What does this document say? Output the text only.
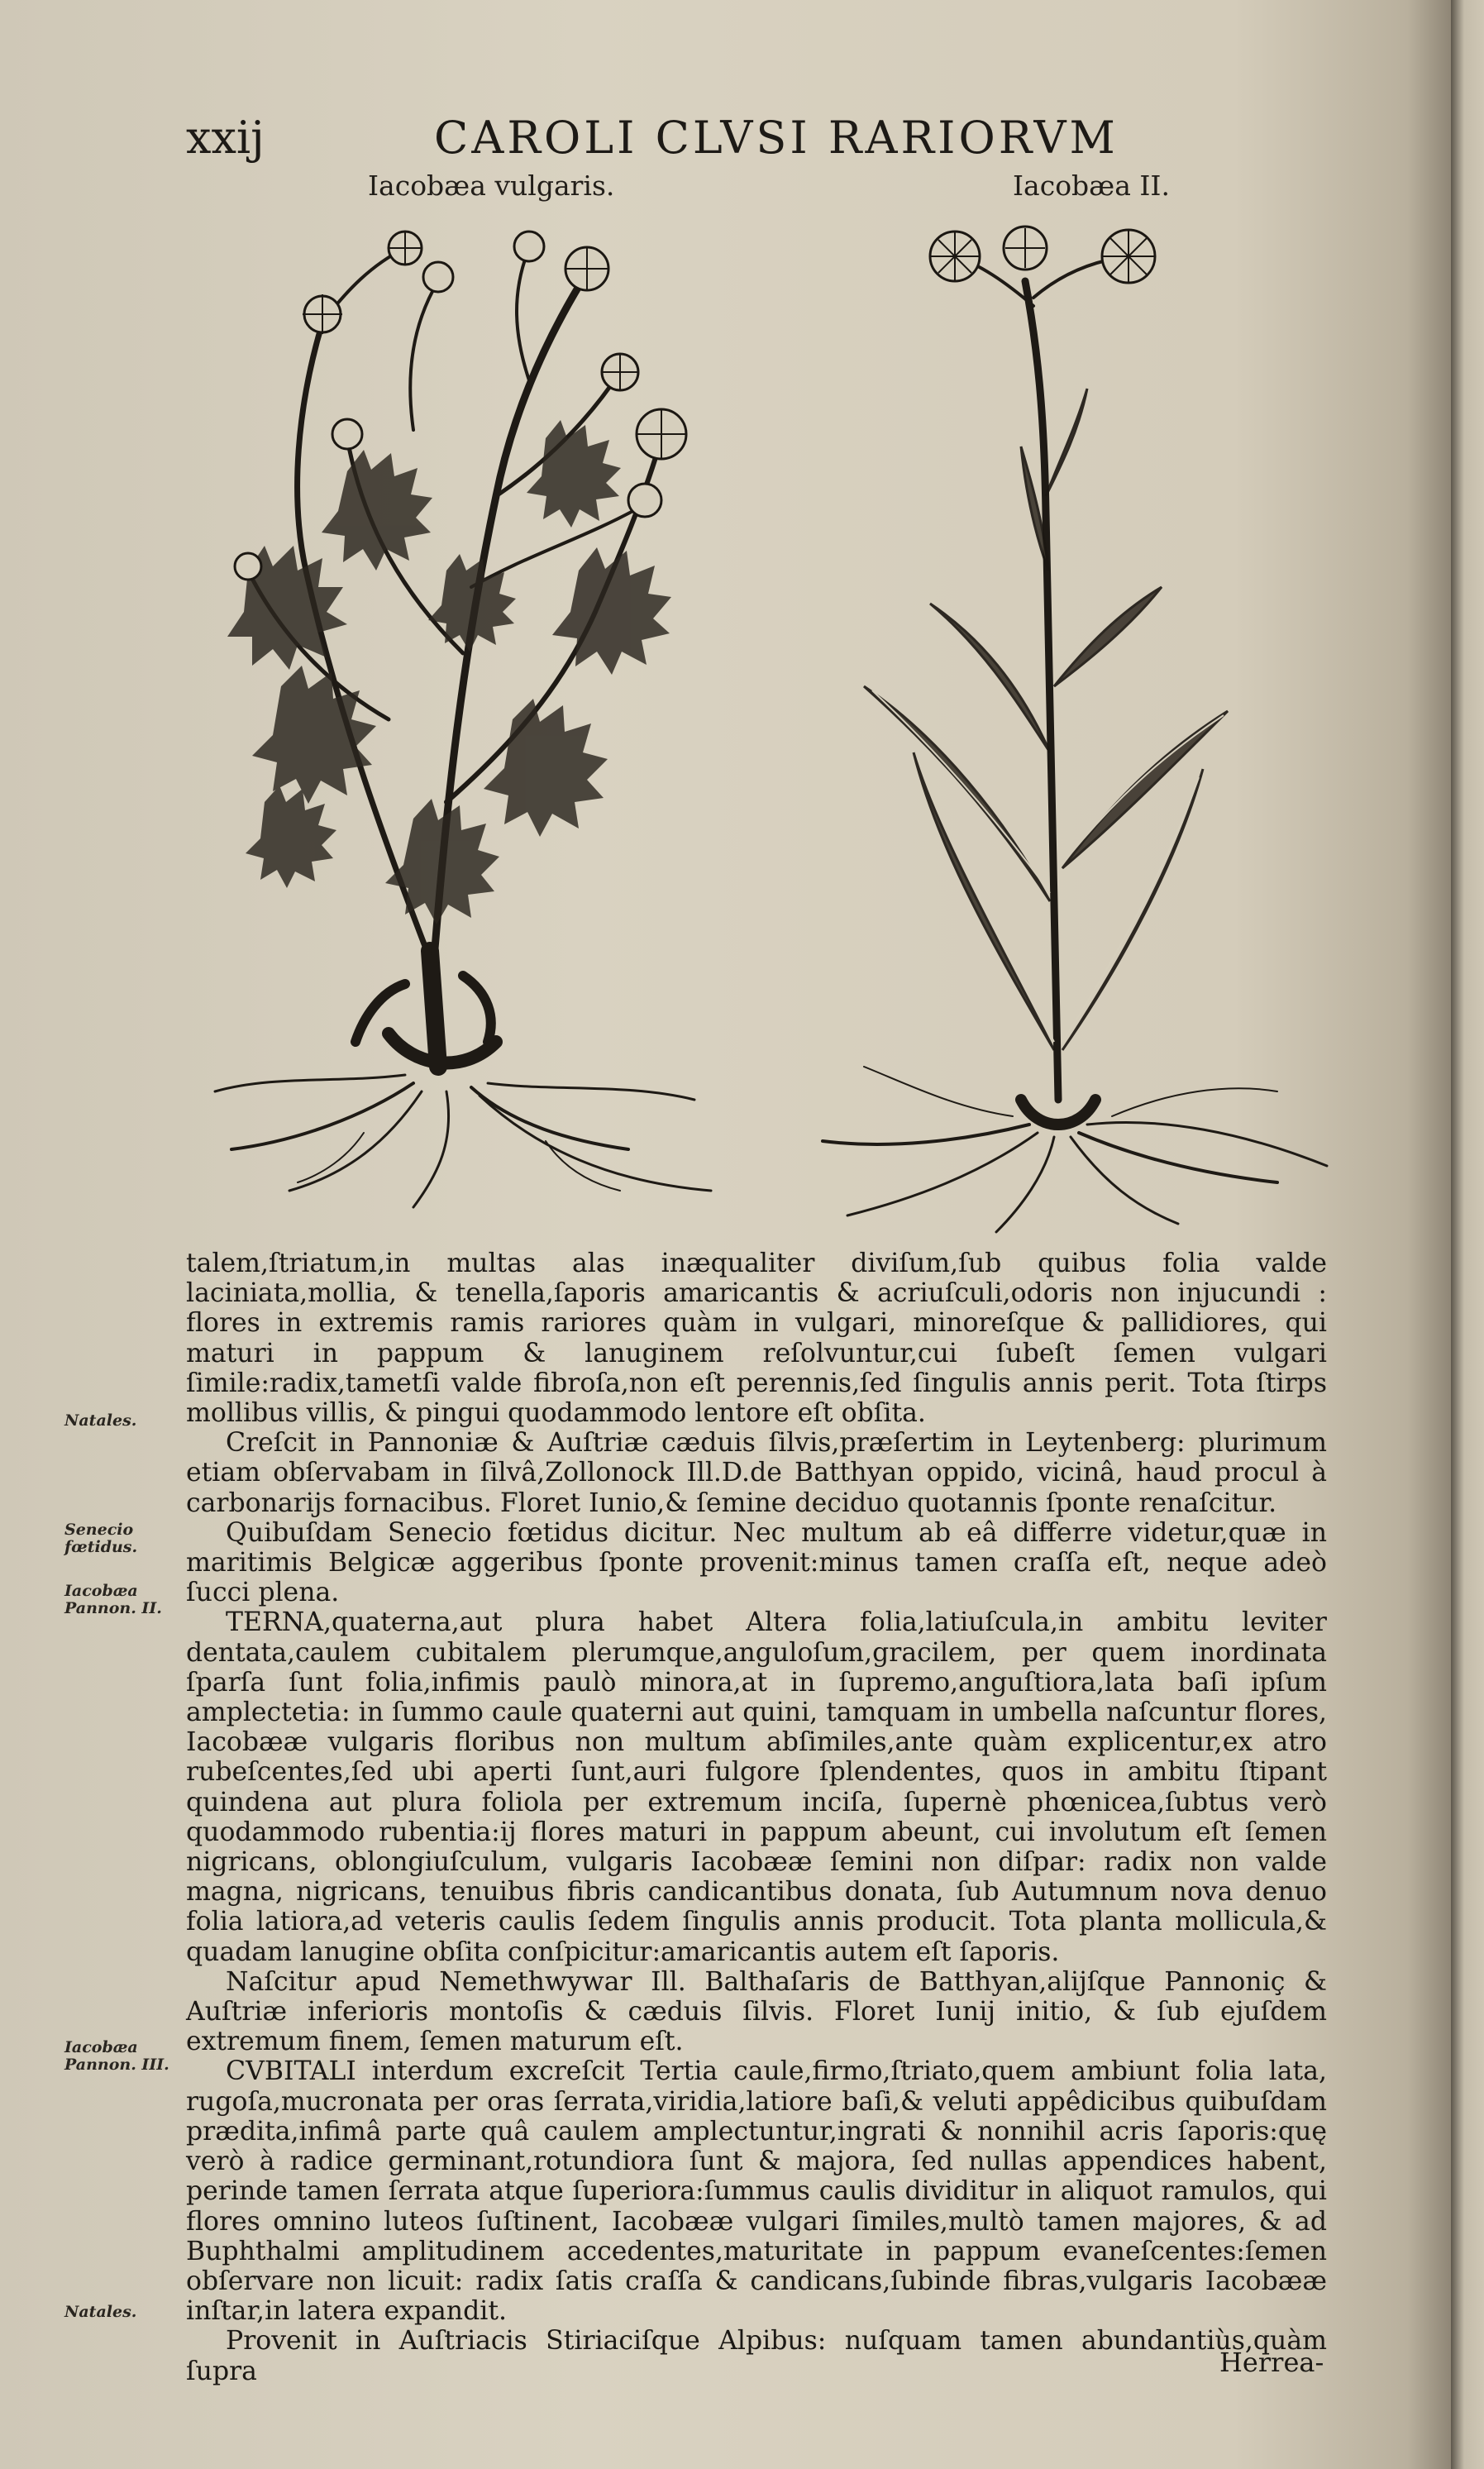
xxij	CAROLI CLVSI RARIORVM
Iacobæa vulgaris.	Iacobæa II.
Natales.
Senecio fœtidus.
Iacobæa Pannon. II.
Iacobæa Pannon. III.
Natales.

talem,ſtriatum,in multas alas inæqualiter diviſum,ſub quibus folia valde laciniata,mollia, & tenella,ſaporis amaricantis & acriuſculi,odoris non injucundi : flores in extremis ramis rariores quàm in vulgari, minoreſque & pallidiores, qui maturi in pappum & lanuginem reſolvuntur,cui ſubeſt ſemen vulgari ſimile:radix,tametſi valde fibroſa,non eſt perennis,ſed ſingulis annis perit. Tota ſtirps mollibus villis, & pingui quodammodo lentore eſt obſita.

Creſcit in Pannoniæ & Auſtriæ cæduis ſilvis,præſertim in Leytenberg: plurimum etiam obſervabam in ſilvâ,Zollonock Ill.D.de Batthyan oppido, vicinâ, haud procul à carbonarijs fornacibus. Floret Iunio,& ſemine deciduo quotannis ſponte renaſcitur.

Quibuſdam Senecio fœtidus dicitur. Nec multum ab eâ differre videtur,quæ in maritimis Belgicæ aggeribus ſponte provenit:minus tamen craſſa eſt, neque adeò ſucci plena.

TERNA,quaterna,aut plura habet Altera folia,latiuſcula,in ambitu leviter dentata,caulem cubitalem plerumque,anguloſum,gracilem, per quem inordinata ſparſa ſunt folia,infimis paulò minora,at in ſupremo,anguſtiora,lata baſi ipſum amplectetia: in ſummo caule quaterni aut quini, tamquam in umbella naſcuntur flores, Iacobææ vulgaris floribus non multum abſimiles,ante quàm explicentur,ex atro rubeſcentes,ſed ubi aperti ſunt,auri fulgore ſplendentes, quos in ambitu ſtipant quindena aut plura foliola per extremum inciſa, ſupernè phœnicea,ſubtus verò quodammodo rubentia:ij flores maturi in pappum abeunt, cui involutum eſt ſemen nigricans, oblongiuſculum, vulgaris Iacobææ ſemini non diſpar: radix non valde magna, nigricans, tenuibus fibris candicantibus donata, ſub Autumnum nova denuo folia latiora,ad veteris caulis ſedem ſingulis annis producit. Tota planta mollicula,& quadam lanugine obſita conſpicitur:amaricantis autem eſt ſaporis.

Naſcitur apud Nemethwywar Ill. Balthaſaris de Batthyan,alijſque Pannoniç & Auſtriæ inferioris montoſis & cæduis ſilvis. Floret Iunij initio, & ſub ejuſdem extremum finem, ſemen maturum eſt.

CVBITALI interdum excreſcit Tertia caule,firmo,ſtriato,quem ambiunt folia lata, rugoſa,mucronata per oras ſerrata,viridia,latiore baſi,& veluti appêdicibus quibuſdam prædita,infimâ parte quâ caulem amplectuntur,ingrati & nonnihil acris ſaporis:quę verò à radice germinant,rotundiora ſunt & majora, ſed nullas appendices habent, perinde tamen ſerrata atque ſuperiora:ſummus caulis dividitur in aliquot ramulos, qui flores omnino luteos ſuſtinent, Iacobææ vulgari ſimiles,multò tamen majores, & ad Buphthalmi amplitudinem accedentes,maturitate in pappum evaneſcentes:ſemen obſervare non licuit: radix ſatis craſſa & candicans,ſubinde fibras,vulgaris Iacobææ inſtar,in latera expandit.

Provenit in Auſtriacis Stiriaciſque Alpibus: nuſquam tamen abundantiùs,quàm ſupra	Herrea-
